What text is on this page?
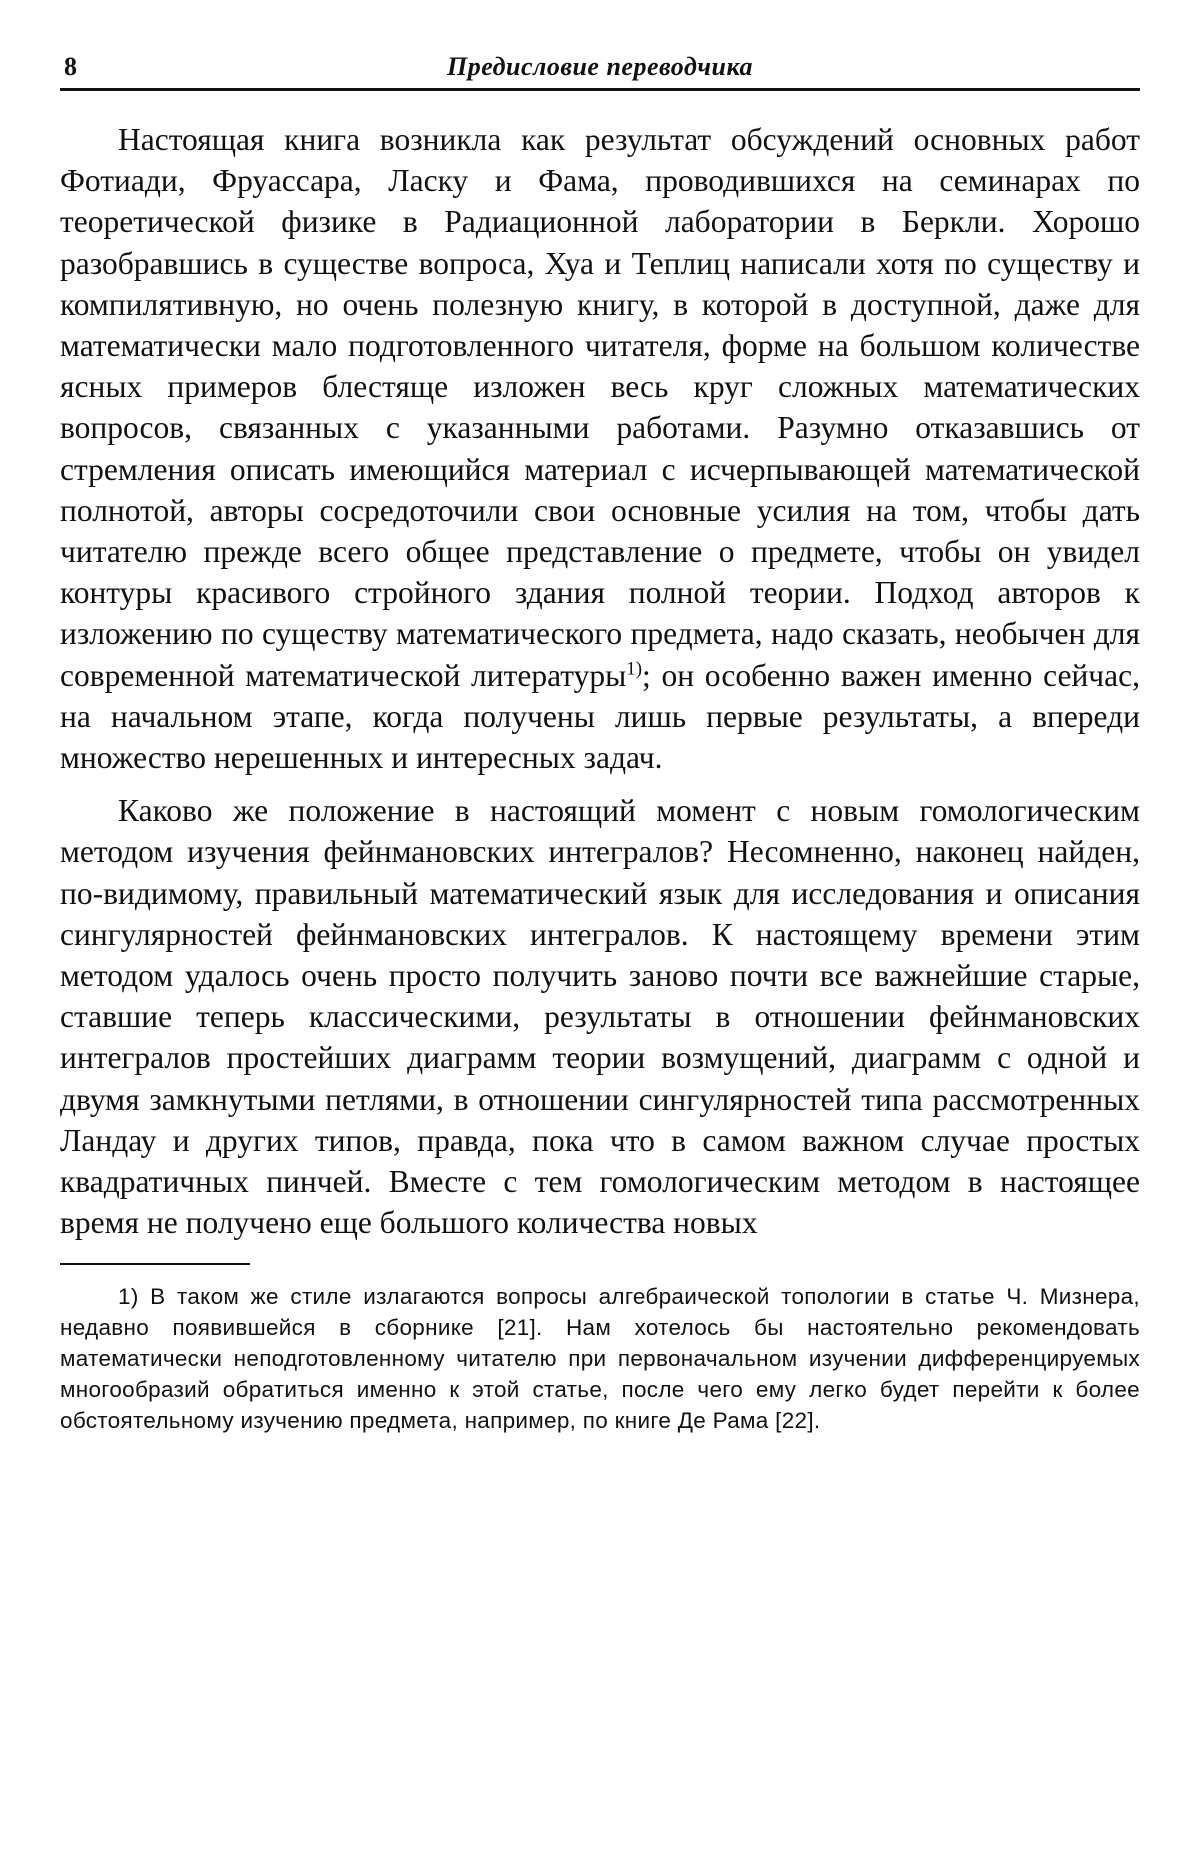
8	Предисловие переводчика

Настоящая книга возникла как результат обсуждений основных работ Фотиади, Фруассара, Ласку и Фама, проводившихся на семинарах по теоретической физике в Радиационной лаборатории в Беркли. Хорошо разобравшись в существе вопроса, Хуа и Теплиц написали хотя по существу и компилятивную, но очень полезную книгу, в которой в доступной, даже для математически мало подготовленного читателя, форме на большом количестве ясных примеров блестяще изложен весь круг сложных математических вопросов, связанных с указанными работами. Разумно отказавшись от стремления описать имеющийся материал с исчерпывающей математической полнотой, авторы сосредоточили свои основные усилия на том, чтобы дать читателю прежде всего общее представление о предмете, чтобы он увидел контуры красивого стройного здания полной теории. Подход авторов к изложению по существу математического предмета, надо сказать, необычен для современной математической литературы$^{1)}$; он особенно важен именно сейчас, на начальном этапе, когда получены лишь первые результаты, а впереди множество нерешенных и интересных задач.

Каково же положение в настоящий момент с новым гомологическим методом изучения фейнмановских интегралов? Несомненно, наконец найден, по-видимому, правильный математический язык для исследования и описания сингулярностей фейнмановских интегралов. К настоящему времени этим методом удалось очень просто получить заново почти все важнейшие старые, ставшие теперь классическими, результаты в отношении фейнмановских интегралов простейших диаграмм теории возмущений, диаграмм с одной и двумя замкнутыми петлями, в отношении сингулярностей типа рассмотренных Ландау и других типов, правда, пока что в самом важном случае простых квадратичных пинчей. Вместе с тем гомологическим методом в настоящее время не получено еще большого количества новых

1) В таком же стиле излагаются вопросы алгебраической топологии в статье Ч. Мизнера, недавно появившейся в сборнике [21]. Нам хотелось бы настоятельно рекомендовать математически неподготовленному читателю при первоначальном изучении дифференцируемых многообразий обратиться именно к этой статье, после чего ему легко будет перейти к более обстоятельному изучению предмета, например, по книге Де Рама [22].
